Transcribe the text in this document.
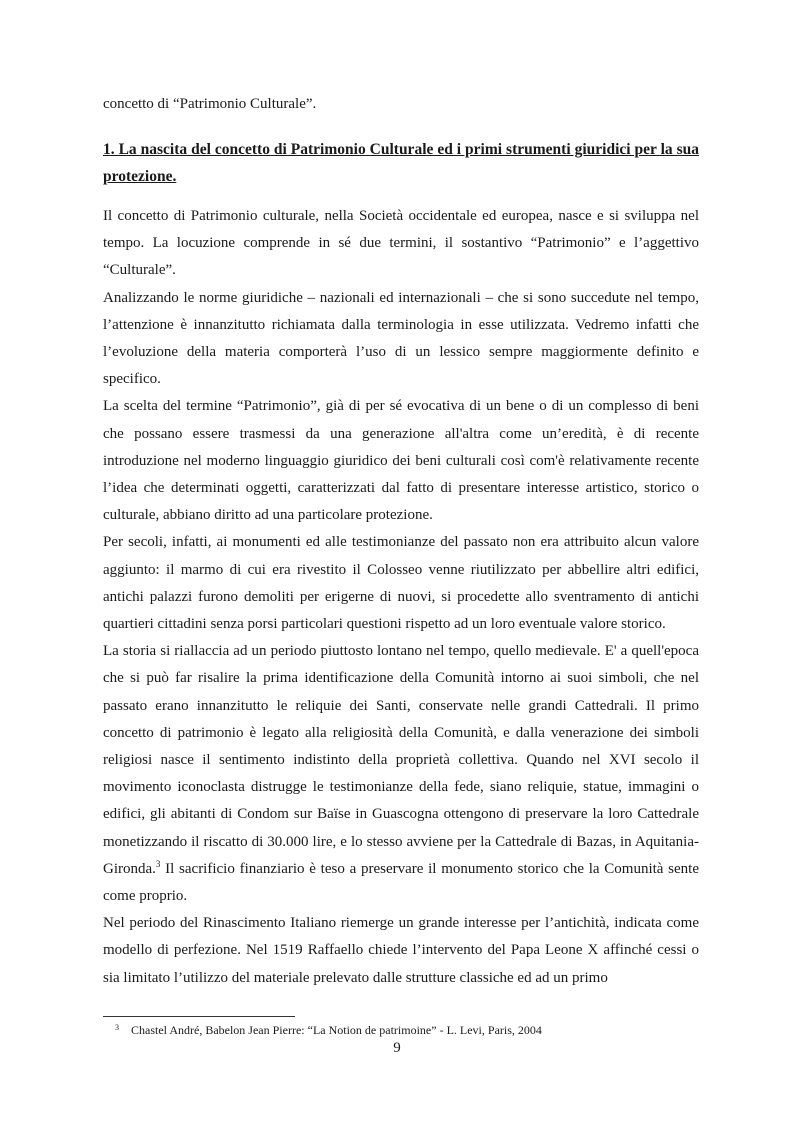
concetto di “Patrimonio Culturale”.

1. La nascita del concetto di Patrimonio Culturale ed i primi strumenti giuridici per la sua protezione.

Il concetto di Patrimonio culturale, nella Società occidentale ed europea, nasce e si sviluppa nel tempo. La locuzione comprende in sé due termini, il sostantivo “Patrimonio” e l’aggettivo “Culturale”.

Analizzando le norme giuridiche – nazionali ed internazionali – che si sono succedute nel tempo, l’attenzione è innanzitutto richiamata dalla terminologia in esse utilizzata. Vedremo infatti che l’evoluzione della materia comporterà l’uso di un lessico sempre maggiormente definito e specifico.

La scelta del termine “Patrimonio”, già di per sé evocativa di un bene o di un complesso di beni che possano essere trasmessi da una generazione all'altra come un’eredità, è di recente introduzione nel moderno linguaggio giuridico dei beni culturali così com'è relativamente recente l’idea che determinati oggetti, caratterizzati dal fatto di presentare interesse artistico, storico o culturale, abbiano diritto ad una particolare protezione.

Per secoli, infatti, ai monumenti ed alle testimonianze del passato non era attribuito alcun valore aggiunto: il marmo di cui era rivestito il Colosseo venne riutilizzato per abbellire altri edifici, antichi palazzi furono demoliti per erigerne di nuovi, si procedette allo sventramento di antichi quartieri cittadini senza porsi particolari questioni rispetto ad un loro eventuale valore storico.

La storia si riallaccia ad un periodo piuttosto lontano nel tempo, quello medievale. E' a quell'epoca che si può far risalire la prima identificazione della Comunità intorno ai suoi simboli, che nel passato erano innanzitutto le reliquie dei Santi, conservate nelle grandi Cattedrali. Il primo concetto di patrimonio è legato alla religiosità della Comunità, e dalla venerazione dei simboli religiosi nasce il sentimento indistinto della proprietà collettiva. Quando nel XVI secolo il movimento iconoclasta distrugge le testimonianze della fede, siano reliquie, statue, immagini o edifici, gli abitanti di Condom sur Baïse in Guascogna ottengono di preservare la loro Cattedrale monetizzando il riscatto di 30.000 lire, e lo stesso avviene per la Cattedrale di Bazas, in Aquitania-Gironda.$^3$ Il sacrificio finanziario è teso a preservare il monumento storico che la Comunità sente come proprio.

Nel periodo del Rinascimento Italiano riemerge un grande interesse per l’antichità, indicata come modello di perfezione. Nel 1519 Raffaello chiede l’intervento del Papa Leone X affinché cessi o sia limitato l’utilizzo del materiale prelevato dalle strutture classiche ed ad un primo

3 Chastel André, Babelon Jean Pierre: “La Notion de patrimoine” - L. Levi, Paris, 2004
9
